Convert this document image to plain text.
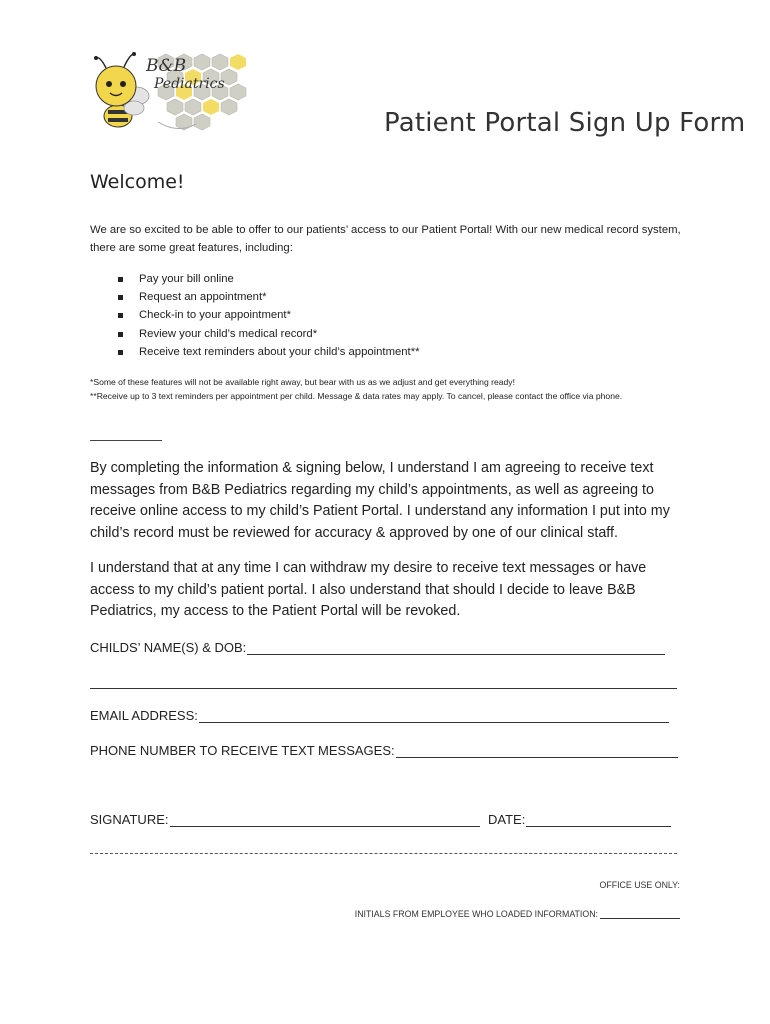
B&B
Pediatrics
Patient Portal Sign Up Form
Welcome!
We are so excited to be able to offer to our patients’ access to our Patient Portal! With our new medical record system, there are some great features, including:
Pay your bill online
Request an appointment*
Check-in to your appointment*
Review your child’s medical record*
Receive text reminders about your child’s appointment**
*Some of these features will not be available right away, but bear with us as we adjust and get everything ready!
**Receive up to 3 text reminders per appointment per child. Message & data rates may apply. To cancel, please contact the office via phone.
By completing the information & signing below, I understand I am agreeing to receive text messages from B&B Pediatrics regarding my child’s appointments, as well as agreeing to receive online access to my child’s Patient Portal. I understand any information I put into my child’s record must be reviewed for accuracy & approved by one of our clinical staff.
I understand that at any time I can withdraw my desire to receive text messages or have access to my child’s patient portal. I also understand that should I decide to leave B&B Pediatrics, my access to the Patient Portal will be revoked.
CHILDS’ NAME(S) & DOB:
EMAIL ADDRESS:
PHONE NUMBER TO RECEIVE TEXT MESSAGES:
SIGNATURE:	DATE:
OFFICE USE ONLY:
INITIALS FROM EMPLOYEE WHO LOADED INFORMATION:
